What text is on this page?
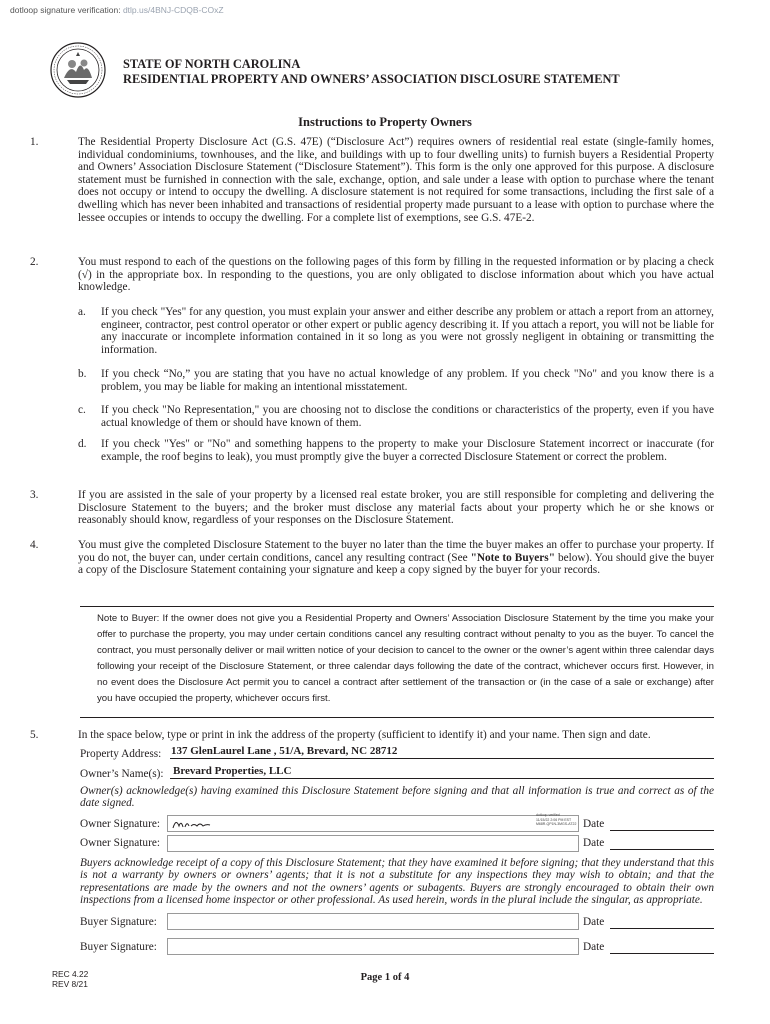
dotloop signature verification: dtlp.us/4BNJ-CDQB-COxZ
STATE OF NORTH CAROLINA
RESIDENTIAL PROPERTY AND OWNERS’ ASSOCIATION DISCLOSURE STATEMENT
Instructions to Property Owners
1.	The Residential Property Disclosure Act (G.S. 47E) (“Disclosure Act”) requires owners of residential real estate (single-family homes, individual condominiums, townhouses, and the like, and buildings with up to four dwelling units) to furnish buyers a Residential Property and Owners’ Association Disclosure Statement (“Disclosure Statement”). This form is the only one approved for this purpose. A disclosure statement must be furnished in connection with the sale, exchange, option, and sale under a lease with option to purchase where the tenant does not occupy or intend to occupy the dwelling. A disclosure statement is not required for some transactions, including the first sale of a dwelling which has never been inhabited and transactions of residential property made pursuant to a lease with option to purchase where the lessee occupies or intends to occupy the dwelling. For a complete list of exemptions, see G.S. 47E-2.
2.	You must respond to each of the questions on the following pages of this form by filling in the requested information or by placing a check (√) in the appropriate box. In responding to the questions, you are only obligated to disclose information about which you have actual knowledge.
a. If you check "Yes" for any question, you must explain your answer and either describe any problem or attach a report from an attorney, engineer, contractor, pest control operator or other expert or public agency describing it. If you attach a report, you will not be liable for any inaccurate or incomplete information contained in it so long as you were not grossly negligent in obtaining or transmitting the information.
b. If you check “No,” you are stating that you have no actual knowledge of any problem. If you check "No" and you know there is a problem, you may be liable for making an intentional misstatement.
c. If you check "No Representation," you are choosing not to disclose the conditions or characteristics of the property, even if you have actual knowledge of them or should have known of them.
d. If you check "Yes" or "No" and something happens to the property to make your Disclosure Statement incorrect or inaccurate (for example, the roof begins to leak), you must promptly give the buyer a corrected Disclosure Statement or correct the problem.
3.	If you are assisted in the sale of your property by a licensed real estate broker, you are still responsible for completing and delivering the Disclosure Statement to the buyers; and the broker must disclose any material facts about your property which he or she knows or reasonably should know, regardless of your responses on the Disclosure Statement.
4.	You must give the completed Disclosure Statement to the buyer no later than the time the buyer makes an offer to purchase your property. If you do not, the buyer can, under certain conditions, cancel any resulting contract (See "Note to Buyers" below). You should give the buyer a copy of the Disclosure Statement containing your signature and keep a copy signed by the buyer for your records.
Note to Buyer: If the owner does not give you a Residential Property and Owners’ Association Disclosure Statement by the time you make your offer to purchase the property, you may under certain conditions cancel any resulting contract without penalty to you as the buyer. To cancel the contract, you must personally deliver or mail written notice of your decision to cancel to the owner or the owner’s agent within three calendar days following your receipt of the Disclosure Statement, or three calendar days following the date of the contract, whichever occurs first. However, in no event does the Disclosure Act permit you to cancel a contract after settlement of the transaction or (in the case of a sale or exchange) after you have occupied the property, whichever occurs first.
5.	In the space below, type or print in ink the address of the property (sufficient to identify it) and your name. Then sign and date.
Property Address: 137 GlenLaurel Lane , 51/A, Brevard, NC 28712
Owner’s Name(s): Brevard Properties, LLC
Owner(s) acknowledge(s) having examined this Disclosure Statement before signing and that all information is true and correct as of the date signed.
Owner Signature:
dotloop verified
11/15/22 2:06 PM EST
M68R-QP1N-3MGS-AT22 Date
Owner Signature:	Date
Buyers acknowledge receipt of a copy of this Disclosure Statement; that they have examined it before signing; that they understand that this is not a warranty by owners or owners’ agents; that it is not a substitute for any inspections they may wish to obtain; and that the representations are made by the owners and not the owners’ agents or subagents. Buyers are strongly encouraged to obtain their own inspections from a licensed home inspector or other professional. As used herein, words in the plural include the singular, as appropriate.
Buyer Signature:	Date
Buyer Signature:	Date
REC 4.22
REV 8/21
Page 1 of 4
